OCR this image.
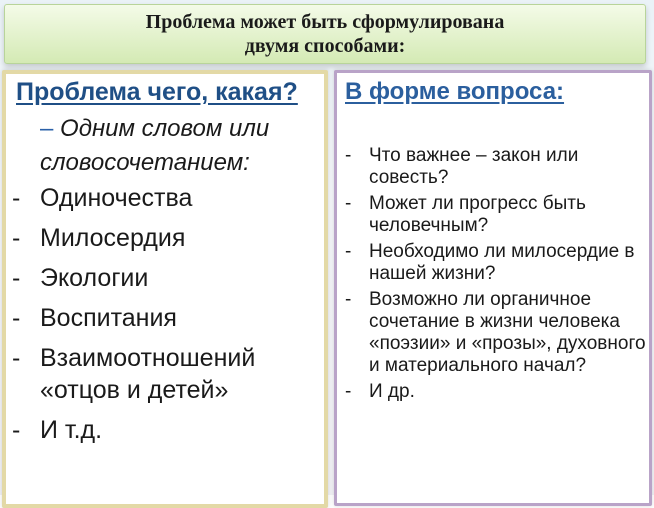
Проблема может быть сформулирована
двумя способами:
Проблема чего, какая?
– Одним словом или словосочетанием:
- Одиночества
- Милосердия
- Экологии
- Воспитания
- Взаимоотношений «отцов и детей»
- И т.д.
В форме вопроса:
- Что важнее – закон или совесть?
- Может ли прогресс быть человечным?
- Необходимо ли милосердие в нашей жизни?
- Возможно ли органичное сочетание в жизни человека «поэзии» и «прозы», духовного и материального начал?
- И др.
